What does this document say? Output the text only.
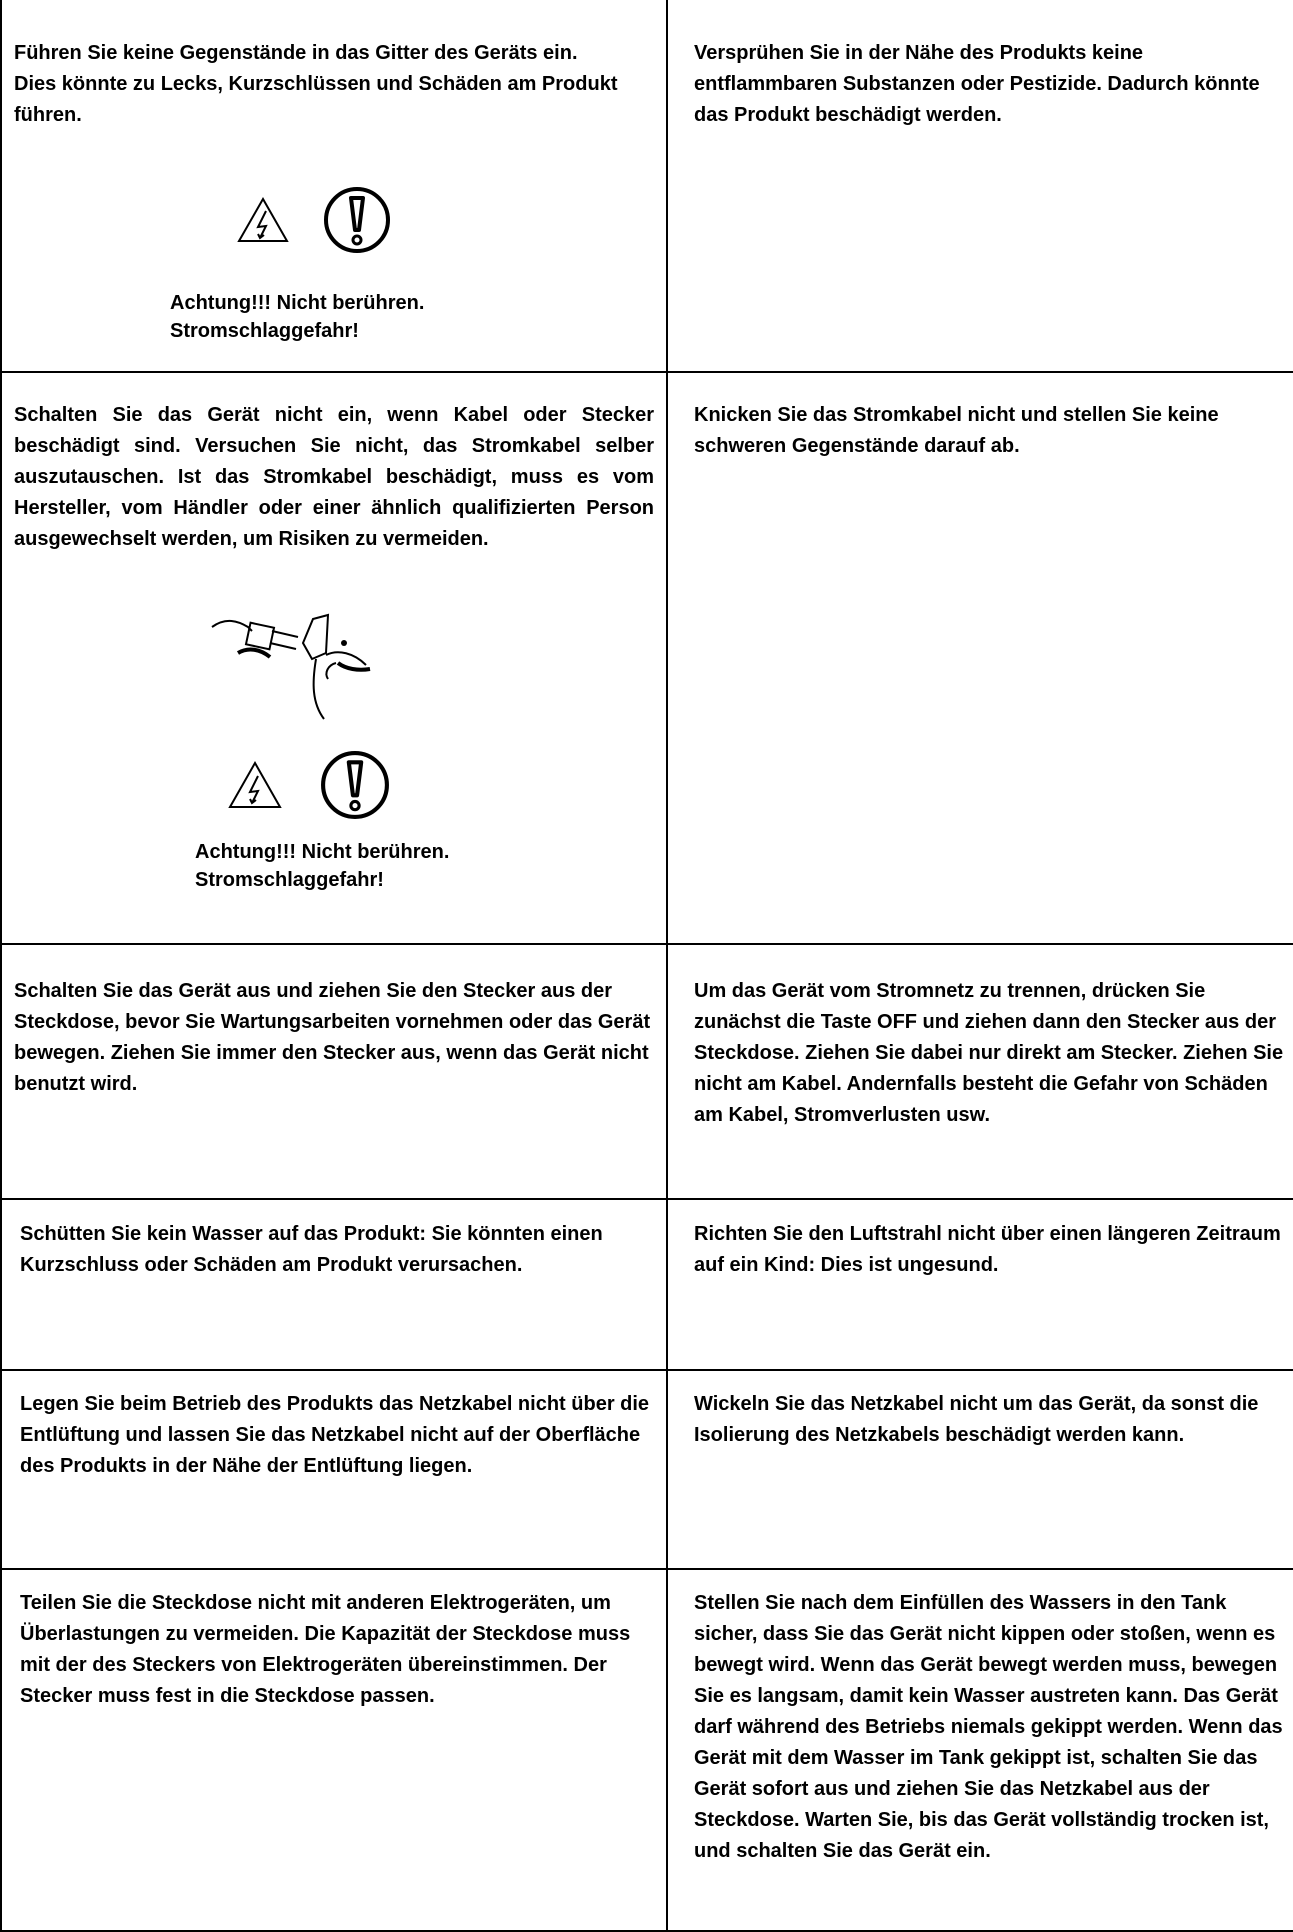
Führen Sie keine Gegenstände in das Gitter des Geräts ein.

Dies könnte zu Lecks, Kurzschlüssen und Schäden am Produkt führen.

Achtung!!! Nicht berühren.

Stromschlaggefahr!

Versprühen Sie in der Nähe des Produkts keine entflammbaren Substanzen oder Pestizide. Dadurch könnte das Produkt beschädigt werden.
Schalten Sie das Gerät nicht ein, wenn Kabel oder Stecker beschädigt sind. Versuchen Sie nicht, das Stromkabel selber auszutauschen. Ist das Stromkabel beschädigt, muss es vom Hersteller, vom Händler oder einer ähnlich qualifizierten Person ausgewechselt werden, um Risiken zu vermeiden.

Achtung!!! Nicht berühren.

Stromschlaggefahr!

Knicken Sie das Stromkabel nicht und stellen Sie keine schweren Gegenstände darauf ab.
Schalten Sie das Gerät aus und ziehen Sie den Stecker aus der Steckdose, bevor Sie Wartungsarbeiten vornehmen oder das Gerät bewegen. Ziehen Sie immer den Stecker aus, wenn das Gerät nicht benutzt wird.
Um das Gerät vom Stromnetz zu trennen, drücken Sie zunächst die Taste OFF und ziehen dann den Stecker aus der Steckdose. Ziehen Sie dabei nur direkt am Stecker. Ziehen Sie nicht am Kabel. Andernfalls besteht die Gefahr von Schäden am Kabel, Stromverlusten usw.
Schütten Sie kein Wasser auf das Produkt: Sie könnten einen Kurzschluss oder Schäden am Produkt verursachen.
Richten Sie den Luftstrahl nicht über einen längeren Zeitraum auf ein Kind: Dies ist ungesund.
Legen Sie beim Betrieb des Produkts das Netzkabel nicht über die Entlüftung und lassen Sie das Netzkabel nicht auf der Oberfläche des Produkts in der Nähe der Entlüftung liegen.
Wickeln Sie das Netzkabel nicht um das Gerät, da sonst die Isolierung des Netzkabels beschädigt werden kann.
Teilen Sie die Steckdose nicht mit anderen Elektrogeräten, um Überlastungen zu vermeiden. Die Kapazität der Steckdose muss mit der des Steckers von Elektrogeräten übereinstimmen. Der Stecker muss fest in die Steckdose passen.
Stellen Sie nach dem Einfüllen des Wassers in den Tank sicher, dass Sie das Gerät nicht kippen oder stoßen, wenn es bewegt wird. Wenn das Gerät bewegt werden muss, bewegen Sie es langsam, damit kein Wasser austreten kann. Das Gerät darf während des Betriebs niemals gekippt werden. Wenn das Gerät mit dem Wasser im Tank gekippt ist, schalten Sie das Gerät sofort aus und ziehen Sie das Netzkabel aus der Steckdose. Warten Sie, bis das Gerät vollständig trocken ist, und schalten Sie das Gerät ein.
